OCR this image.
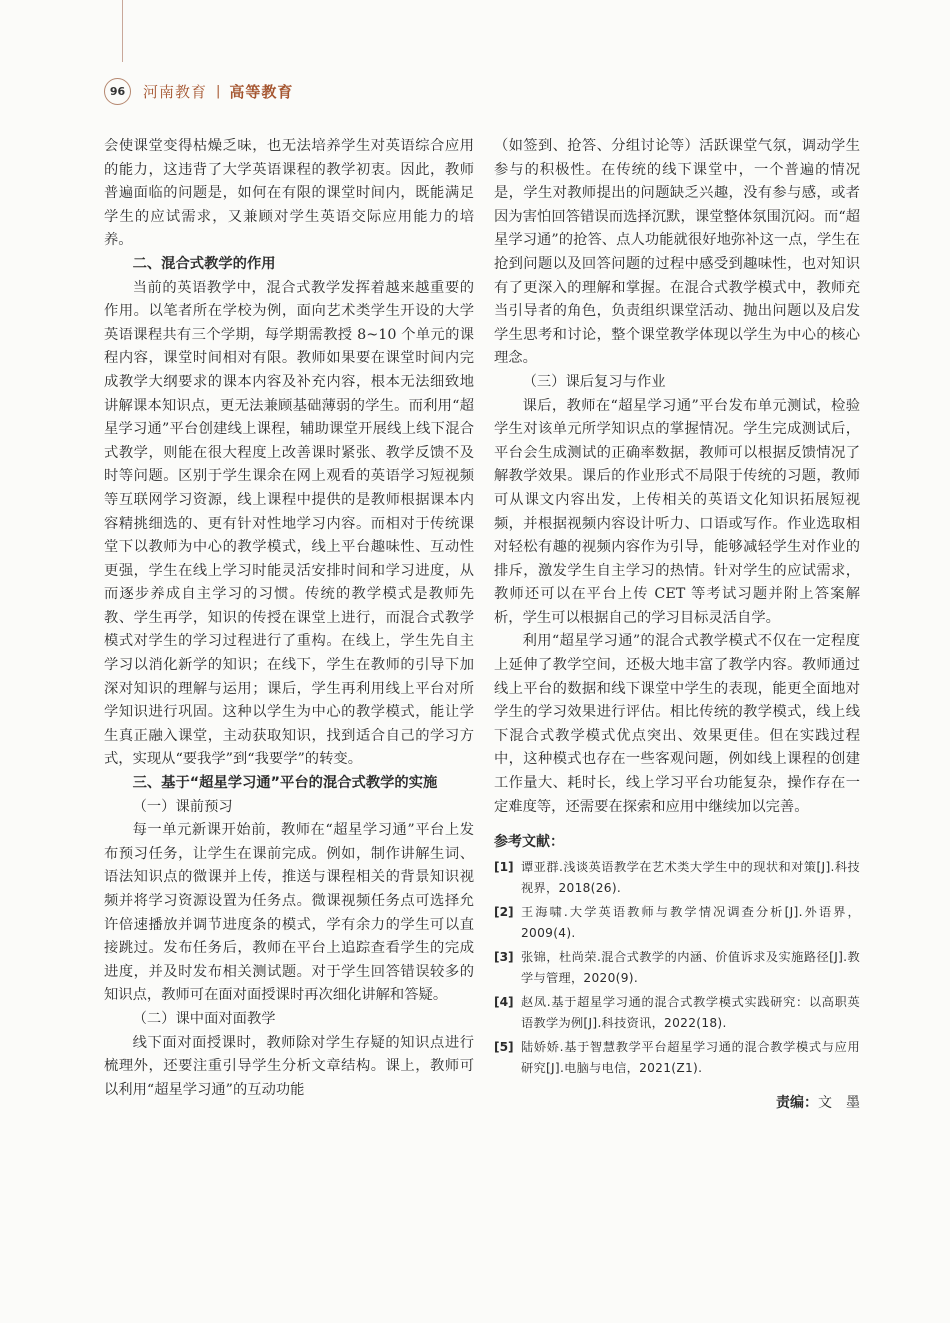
96	河南教育 | 高等教育

会使课堂变得枯燥乏味，也无法培养学生对英语综合应用的能力，这违背了大学英语课程的教学初衷。因此，教师普遍面临的问题是，如何在有限的课堂时间内，既能满足学生的应试需求，又兼顾对学生英语交际应用能力的培养。

二、混合式教学的作用

当前的英语教学中，混合式教学发挥着越来越重要的作用。以笔者所在学校为例，面向艺术类学生开设的大学英语课程共有三个学期，每学期需教授 8~10 个单元的课程内容，课堂时间相对有限。教师如果要在课堂时间内完成教学大纲要求的课本内容及补充内容，根本无法细致地讲解课本知识点，更无法兼顾基础薄弱的学生。而利用“超星学习通”平台创建线上课程，辅助课堂开展线上线下混合式教学，则能在很大程度上改善课时紧张、教学反馈不及时等问题。区别于学生课余在网上观看的英语学习短视频等互联网学习资源，线上课程中提供的是教师根据课本内容精挑细选的、更有针对性地学习内容。而相对于传统课堂下以教师为中心的教学模式，线上平台趣味性、互动性更强，学生在线上学习时能灵活安排时间和学习进度，从而逐步养成自主学习的习惯。传统的教学模式是教师先教、学生再学，知识的传授在课堂上进行，而混合式教学模式对学生的学习过程进行了重构。在线上，学生先自主学习以消化新学的知识；在线下，学生在教师的引导下加深对知识的理解与运用；课后，学生再利用线上平台对所学知识进行巩固。这种以学生为中心的教学模式，能让学生真正融入课堂，主动获取知识，找到适合自己的学习方式，实现从“要我学”到“我要学”的转变。

三、基于“超星学习通”平台的混合式教学的实施

（一）课前预习

每一单元新课开始前，教师在“超星学习通”平台上发布预习任务，让学生在课前完成。例如，制作讲解生词、语法知识点的微课并上传，推送与课程相关的背景知识视频并将学习资源设置为任务点。微课视频任务点可选择允许倍速播放并调节进度条的模式，学有余力的学生可以直接跳过。发布任务后，教师在平台上追踪查看学生的完成进度，并及时发布相关测试题。对于学生回答错误较多的知识点，教师可在面对面授课时再次细化讲解和答疑。

（二）课中面对面教学

线下面对面授课时，教师除对学生存疑的知识点进行梳理外，还要注重引导学生分析文章结构。课上，教师可以利用“超星学习通”的互动功能

（如签到、抢答、分组讨论等）活跃课堂气氛，调动学生参与的积极性。在传统的线下课堂中，一个普遍的情况是，学生对教师提出的问题缺乏兴趣，没有参与感，或者因为害怕回答错误而选择沉默，课堂整体氛围沉闷。而“超星学习通”的抢答、点人功能就很好地弥补这一点，学生在抢到问题以及回答问题的过程中感受到趣味性，也对知识有了更深入的理解和掌握。在混合式教学模式中，教师充当引导者的角色，负责组织课堂活动、抛出问题以及启发学生思考和讨论，整个课堂教学体现以学生为中心的核心理念。

（三）课后复习与作业

课后，教师在“超星学习通”平台发布单元测试，检验学生对该单元所学知识点的掌握情况。学生完成测试后，平台会生成测试的正确率数据，教师可以根据反馈情况了解教学效果。课后的作业形式不局限于传统的习题，教师可从课文内容出发，上传相关的英语文化知识拓展短视频，并根据视频内容设计听力、口语或写作。作业选取相对轻松有趣的视频内容作为引导，能够减轻学生对作业的排斥，激发学生自主学习的热情。针对学生的应试需求，教师还可以在平台上传 CET 等考试习题并附上答案解析，学生可以根据自己的学习目标灵活自学。

利用“超星学习通”的混合式教学模式不仅在一定程度上延伸了教学空间，还极大地丰富了教学内容。教师通过线上平台的数据和线下课堂中学生的表现，能更全面地对学生的学习效果进行评估。相比传统的教学模式，线上线下混合式教学模式优点突出、效果更佳。但在实践过程中，这种模式也存在一些客观问题，例如线上课程的创建工作量大、耗时长，线上学习平台功能复杂，操作存在一定难度等，还需要在探索和应用中继续加以完善。

参考文献：

[1] 谭亚群.浅谈英语教学在艺术类大学生中的现状和对策[J].科技视界，2018(26).
[2] 王海啸.大学英语教师与教学情况调查分析[J].外语界，2009(4).
[3] 张锦，杜尚荣.混合式教学的内涵、价值诉求及实施路径[J].教学与管理，2020(9).
[4] 赵凤.基于超星学习通的混合式教学模式实践研究：以高职英语教学为例[J].科技资讯，2022(18).
[5] 陆娇娇.基于智慧教学平台超星学习通的混合教学模式与应用研究[J].电脑与电信，2021(Z1).
责编：文　墨
